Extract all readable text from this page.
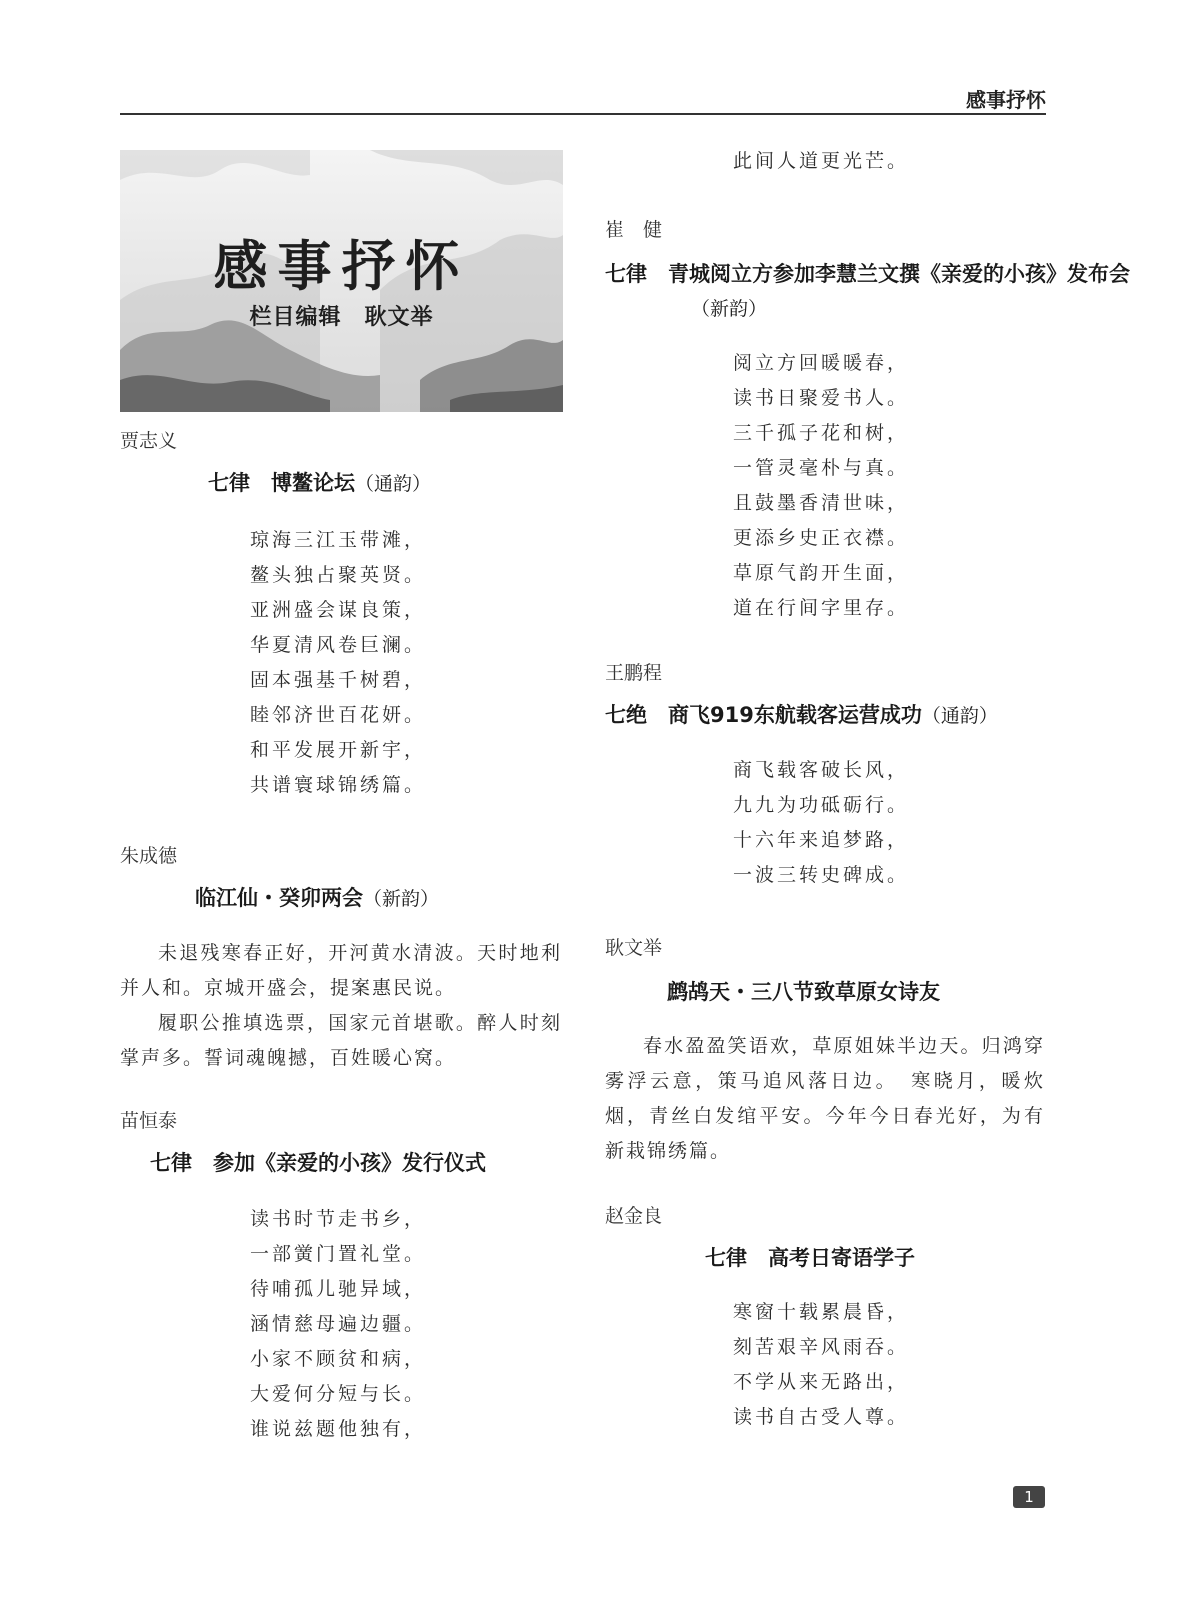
感事抒怀
感事抒怀
栏目编辑　耿文举

贾志义

七律　博鳌论坛（通韵）

琼海三江玉带滩，
鳌头独占聚英贤。
亚洲盛会谋良策，
华夏清风卷巨澜。
固本强基千树碧，
睦邻济世百花妍。
和平发展开新宇，
共谱寰球锦绣篇。

朱成德

临江仙・癸卯两会（新韵）

未退残寒春正好，开河黄水清波。天时地利并人和。京城开盛会，提案惠民说。

履职公推填选票，国家元首堪歌。醉人时刻掌声多。誓词魂魄撼，百姓暖心窝。

苗恒泰

七律　参加《亲爱的小孩》发行仪式

读书时节走书乡，
一部黉门置礼堂。
待哺孤儿驰异域，
涵情慈母遍边疆。
小家不顾贫和病，
大爱何分短与长。
谁说兹题他独有，
此间人道更光芒。

崔　健

七律　青城阅立方参加李慧兰文撰《亲爱的小孩》发布会（新韵）

阅立方回暖暖春，
读书日聚爱书人。
三千孤子花和树，
一管灵毫朴与真。
且鼓墨香清世味，
更添乡史正衣襟。
草原气韵开生面，
道在行间字里存。

王鹏程

七绝　商飞919东航载客运营成功（通韵）

商飞载客破长风，
九九为功砥砺行。
十六年来追梦路，
一波三转史碑成。

耿文举

鹧鸪天・三八节致草原女诗友

春水盈盈笑语欢，草原姐妹半边天。归鸿穿雾浮云意，策马追风落日边。　寒晓月，暖炊烟，青丝白发绾平安。今年今日春光好，为有新栽锦绣篇。

赵金良

七律　高考日寄语学子

寒窗十载累晨昏，
刻苦艰辛风雨吞。
不学从来无路出，
读书自古受人尊。
1
